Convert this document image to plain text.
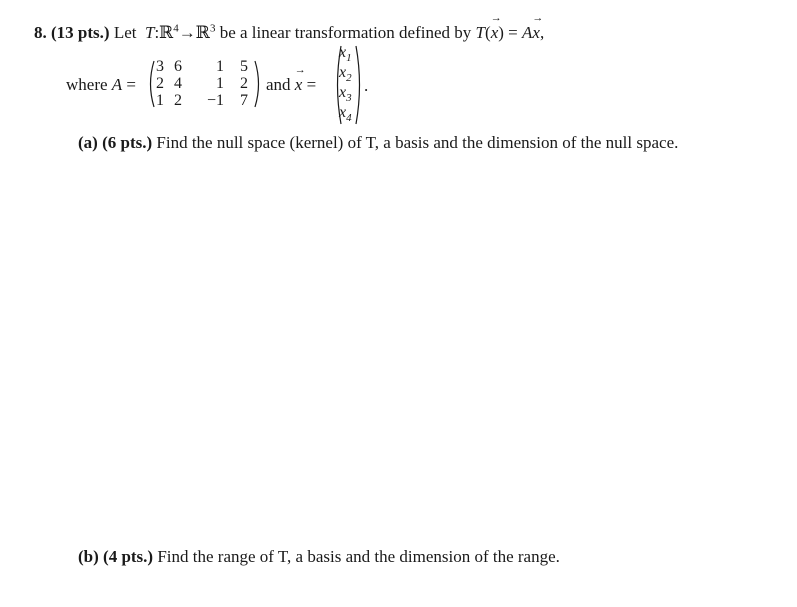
8. (13 pts.) Let T:ℝ$^4$→ℝ$^3$ be a linear transformation defined by T(→ x) = A→ x,
where A =
3 6	1 5
2 4	1 2
1 2 −1 7
and → x =
$x_1$
$x_2$
$x_3$
$x_4$
.
(a) (6 pts.) Find the null space (kernel) of T, a basis and the dimension of the null space.
(b) (4 pts.) Find the range of T, a basis and the dimension of the range.
